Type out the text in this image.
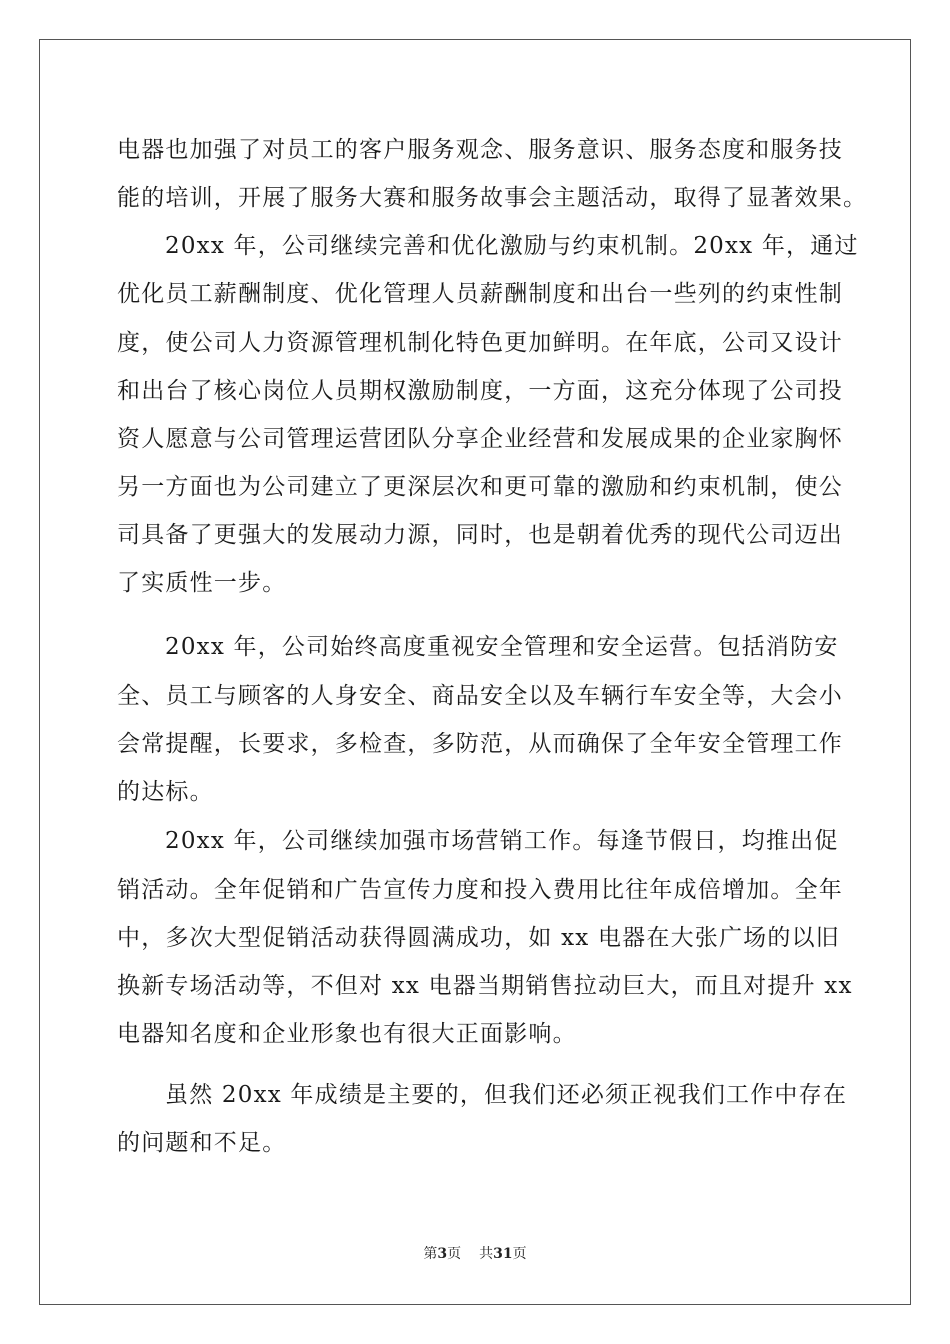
电器也加强了对员工的客户服务观念、服务意识、服务态度和服务技
能的培训，开展了服务大赛和服务故事会主题活动，取得了显著效果。
20xx 年，公司继续完善和优化激励与约束机制。20xx 年，通过
优化员工薪酬制度、优化管理人员薪酬制度和出台一些列的约束性制
度，使公司人力资源管理机制化特色更加鲜明。在年底，公司又设计
和出台了核心岗位人员期权激励制度，一方面，这充分体现了公司投
资人愿意与公司管理运营团队分享企业经营和发展成果的企业家胸怀
另一方面也为公司建立了更深层次和更可靠的激励和约束机制，使公
司具备了更强大的发展动力源，同时，也是朝着优秀的现代公司迈出
了实质性一步。
20xx 年，公司始终高度重视安全管理和安全运营。包括消防安
全、员工与顾客的人身安全、商品安全以及车辆行车安全等，大会小
会常提醒，长要求，多检查，多防范，从而确保了全年安全管理工作
的达标。
20xx 年，公司继续加强市场营销工作。每逢节假日，均推出促
销活动。全年促销和广告宣传力度和投入费用比往年成倍增加。全年
中，多次大型促销活动获得圆满成功，如 xx 电器在大张广场的以旧
换新专场活动等，不但对 xx 电器当期销售拉动巨大，而且对提升 xx
电器知名度和企业形象也有很大正面影响。
虽然 20xx 年成绩是主要的，但我们还必须正视我们工作中存在
的问题和不足。
第3页 共31页
